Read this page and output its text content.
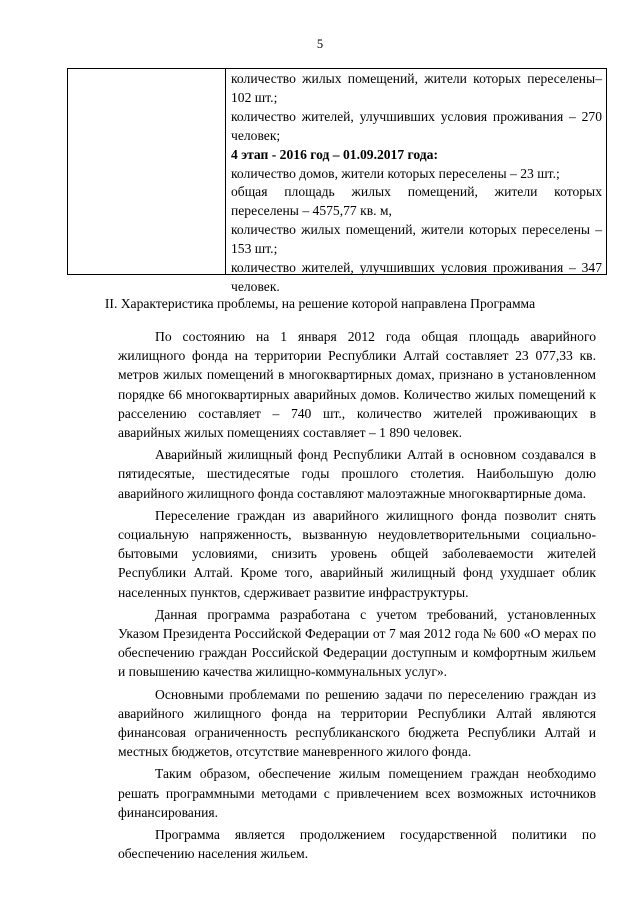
5
количество жилых помещений, жители которых переселены– 102 шт.;
количество жителей, улучшивших условия проживания – 270 человек;
4 этап - 2016 год – 01.09.2017 года:
количество домов, жители которых переселены – 23 шт.;
общая площадь жилых помещений, жители которых переселены – 4575,77 кв. м,
количество жилых помещений, жители которых переселены – 153 шт.;
количество жителей, улучшивших условия проживания – 347 человек.
II. Характеристика проблемы, на решение которой направлена Программа

По состоянию на 1 января 2012 года общая площадь аварийного жилищного фонда на территории Республики Алтай составляет 23 077,33 кв. метров жилых помещений в многоквартирных домах, признано в установленном порядке 66 многоквартирных аварийных домов. Количество жилых помещений к расселению составляет – 740 шт., количество жителей проживающих в аварийных жилых помещениях составляет – 1 890 человек.

Аварийный жилищный фонд Республики Алтай в основном создавался в пятидесятые, шестидесятые годы прошлого столетия. Наибольшую долю аварийного жилищного фонда составляют малоэтажные многоквартирные дома.

Переселение граждан из аварийного жилищного фонда позволит снять социальную напряженность, вызванную неудовлетворительными социально-бытовыми условиями, снизить уровень общей заболеваемости жителей Республики Алтай. Кроме того, аварийный жилищный фонд ухудшает облик населенных пунктов, сдерживает развитие инфраструктуры.

Данная программа разработана с учетом требований, установленных Указом Президента Российской Федерации от 7 мая 2012 года № 600 «О мерах по обеспечению граждан Российской Федерации доступным и комфортным жильем и повышению качества жилищно-коммунальных услуг».

Основными проблемами по решению задачи по переселению граждан из аварийного жилищного фонда на территории Республики Алтай являются финансовая ограниченность республиканского бюджета Республики Алтай и местных бюджетов, отсутствие маневренного жилого фонда.

Таким образом, обеспечение жилым помещением граждан необходимо решать программными методами с привлечением всех возможных источников финансирования.

Программа является продолжением государственной политики по обеспечению населения жильем.
